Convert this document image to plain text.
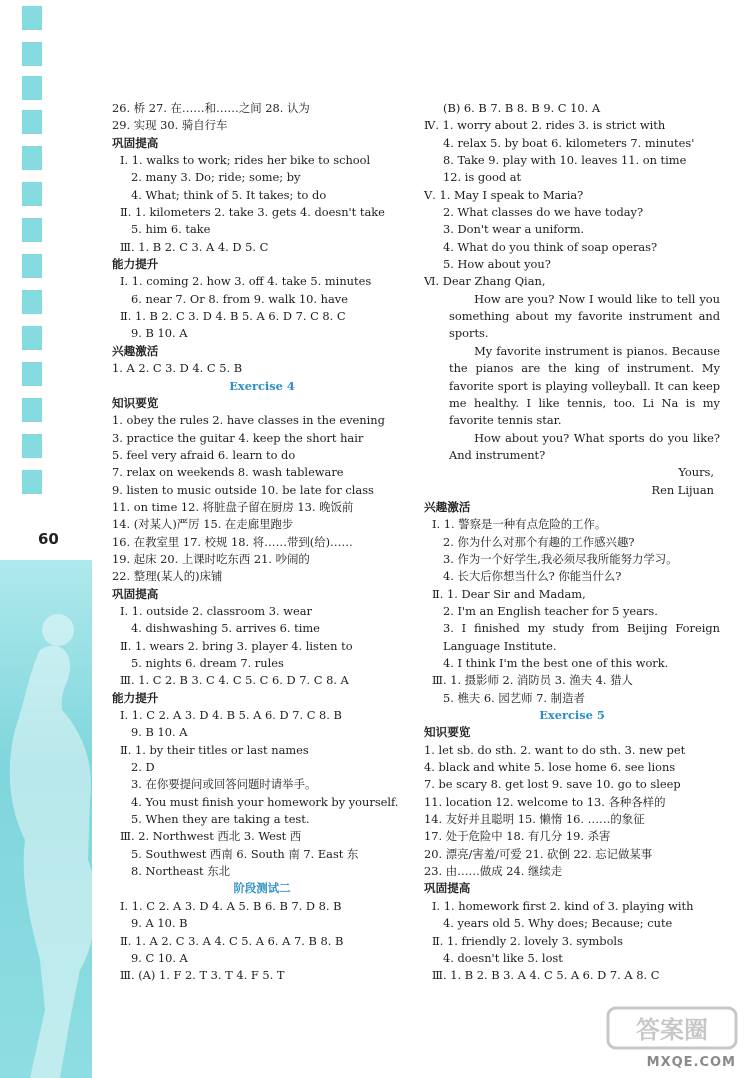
60
26. 桥 27. 在……和……之间 28. 认为
29. 实现 30. 骑自行车
巩固提高
Ⅰ. 1. walks to work; rides her bike to school
2. many 3. Do; ride; some; by
4. What; think of 5. It takes; to do
Ⅱ. 1. kilometers 2. take 3. gets 4. doesn't take
5. him 6. take
Ⅲ. 1. B 2. C 3. A 4. D 5. C
能力提升
Ⅰ. 1. coming 2. how 3. off 4. take 5. minutes
6. near 7. Or 8. from 9. walk 10. have
Ⅱ. 1. B 2. C 3. D 4. B 5. A 6. D 7. C 8. C
9. B 10. A
兴趣激活
1. A 2. C 3. D 4. C 5. B
Exercise 4
知识要览
1. obey the rules 2. have classes in the evening
3. practice the guitar 4. keep the short hair
5. feel very afraid 6. learn to do
7. relax on weekends 8. wash tableware
9. listen to music outside 10. be late for class
11. on time 12. 将脏盘子留在厨房 13. 晚饭前
14. (对某人)严厉 15. 在走廊里跑步
16. 在教室里 17. 校规 18. 将……带到(给)……
19. 起床 20. 上课时吃东西 21. 吵闹的
22. 整理(某人的)床铺
巩固提高
Ⅰ. 1. outside 2. classroom 3. wear
4. dishwashing 5. arrives 6. time
Ⅱ. 1. wears 2. bring 3. player 4. listen to
5. nights 6. dream 7. rules
Ⅲ. 1. C 2. B 3. C 4. C 5. C 6. D 7. C 8. A
能力提升
Ⅰ. 1. C 2. A 3. D 4. B 5. A 6. D 7. C 8. B
9. B 10. A
Ⅱ. 1. by their titles or last names
2. D
3. 在你要提问或回答问题时请举手。
4. You must finish your homework by yourself.
5. When they are taking a test.
Ⅲ. 2. Northwest 西北 3. West 西
5. Southwest 西南 6. South 南 7. East 东
8. Northeast 东北
阶段测试二
Ⅰ. 1. C 2. A 3. D 4. A 5. B 6. B 7. D 8. B
9. A 10. B
Ⅱ. 1. A 2. C 3. A 4. C 5. A 6. A 7. B 8. B
9. C 10. A
Ⅲ. (A) 1. F 2. T 3. T 4. F 5. T
(B) 6. B 7. B 8. B 9. C 10. A
Ⅳ. 1. worry about 2. rides 3. is strict with
4. relax 5. by boat 6. kilometers 7. minutes'
8. Take 9. play with 10. leaves 11. on time
12. is good at
Ⅴ. 1. May I speak to Maria?
2. What classes do we have today?
3. Don't wear a uniform.
4. What do you think of soap operas?
5. How about you?
Ⅵ. Dear Zhang Qian,
How are you? Now I would like to tell you something about my favorite instrument and sports.
My favorite instrument is pianos. Because the pianos are the king of instrument. My favorite sport is playing volleyball. It can keep me healthy. I like tennis, too. Li Na is my favorite tennis star.
How about you? What sports do you like? And instrument?
Yours,
Ren Lijuan
兴趣激活
Ⅰ. 1. 警察是一种有点危险的工作。
2. 你为什么对那个有趣的工作感兴趣?
3. 作为一个好学生,我必须尽我所能努力学习。
4. 长大后你想当什么? 你能当什么?
Ⅱ. 1. Dear Sir and Madam,
2. I'm an English teacher for 5 years.
3. I finished my study from Beijing Foreign Language Institute.
4. I think I'm the best one of this work.
Ⅲ. 1. 摄影师 2. 消防员 3. 渔夫 4. 猎人
5. 樵夫 6. 园艺师 7. 制造者
Exercise 5
知识要览
1. let sb. do sth. 2. want to do sth. 3. new pet
4. black and white 5. lose home 6. see lions
7. be scary 8. get lost 9. save 10. go to sleep
11. location 12. welcome to 13. 各种各样的
14. 友好并且聪明 15. 懒惰 16. ……的象征
17. 处于危险中 18. 有几分 19. 杀害
20. 漂亮/害羞/可爱 21. 砍倒 22. 忘记做某事
23. 由……做成 24. 继续走
巩固提高
Ⅰ. 1. homework first 2. kind of 3. playing with
4. years old 5. Why does; Because; cute
Ⅱ. 1. friendly 2. lovely 3. symbols
4. doesn't like 5. lost
Ⅲ. 1. B 2. B 3. A 4. C 5. A 6. D 7. A 8. C
答案圈
MXQE.COM
